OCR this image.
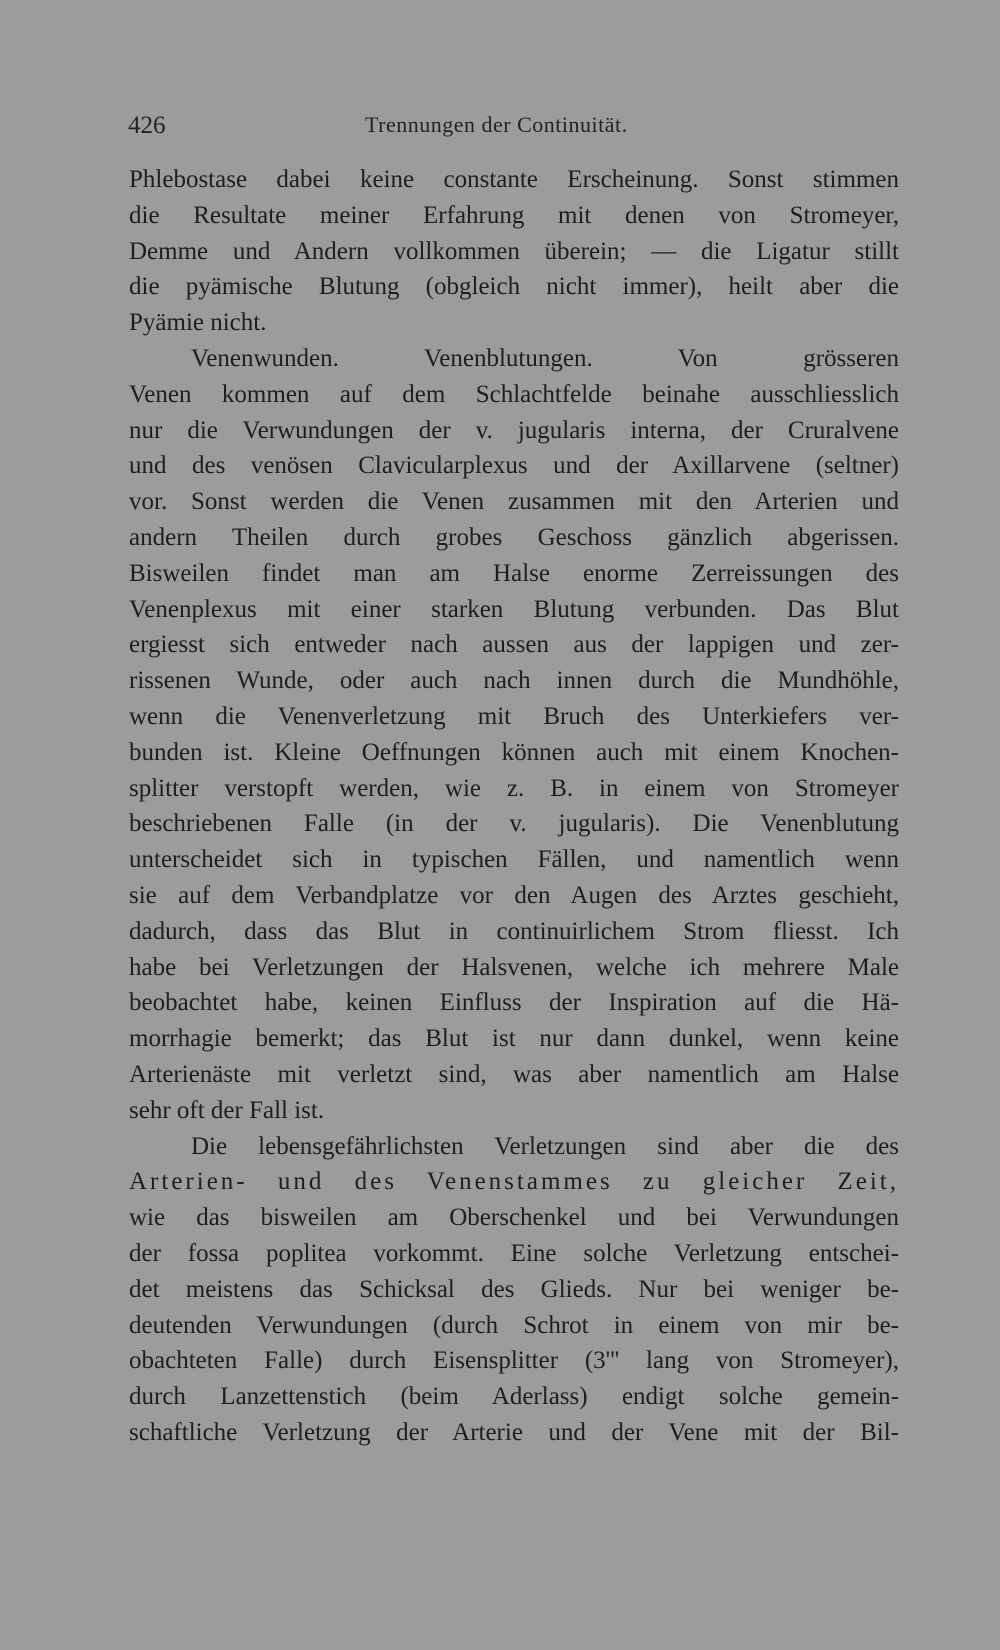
426	Trennungen der Continuität.
Phlebostase dabei keine constante Erscheinung. Sonst stimmen
die Resultate meiner Erfahrung mit denen von Stromeyer,
Demme und Andern vollkommen überein; — die Ligatur stillt
die pyämische Blutung (obgleich nicht immer), heilt aber die
Pyämie nicht.
Venenwunden. Venenblutungen. Von grösseren
Venen kommen auf dem Schlachtfelde beinahe ausschliesslich
nur die Verwundungen der v. jugularis interna, der Cruralvene
und des venösen Clavicularplexus und der Axillarvene (seltner)
vor. Sonst werden die Venen zusammen mit den Arterien und
andern Theilen durch grobes Geschoss gänzlich abgerissen.
Bisweilen findet man am Halse enorme Zerreissungen des
Venenplexus mit einer starken Blutung verbunden. Das Blut
ergiesst sich entweder nach aussen aus der lappigen und zer-
rissenen Wunde, oder auch nach innen durch die Mundhöhle,
wenn die Venenverletzung mit Bruch des Unterkiefers ver-
bunden ist. Kleine Oeffnungen können auch mit einem Knochen-
splitter verstopft werden, wie z. B. in einem von Stromeyer
beschriebenen Falle (in der v. jugularis). Die Venenblutung
unterscheidet sich in typischen Fällen, und namentlich wenn
sie auf dem Verbandplatze vor den Augen des Arztes geschieht,
dadurch, dass das Blut in continuirlichem Strom fliesst. Ich
habe bei Verletzungen der Halsvenen, welche ich mehrere Male
beobachtet habe, keinen Einfluss der Inspiration auf die Hä-
morrhagie bemerkt; das Blut ist nur dann dunkel, wenn keine
Arterienäste mit verletzt sind, was aber namentlich am Halse
sehr oft der Fall ist.
Die lebensgefährlichsten Verletzungen sind aber die des
Arterien- und des Venenstammes zu gleicher Zeit,
wie das bisweilen am Oberschenkel und bei Verwundungen
der fossa poplitea vorkommt. Eine solche Verletzung entschei-
det meistens das Schicksal des Glieds. Nur bei weniger be-
deutenden Verwundungen (durch Schrot in einem von mir be-
obachteten Falle) durch Eisensplitter (3''' lang von Stromeyer),
durch Lanzettenstich (beim Aderlass) endigt solche gemein-
schaftliche Verletzung der Arterie und der Vene mit der Bil-
